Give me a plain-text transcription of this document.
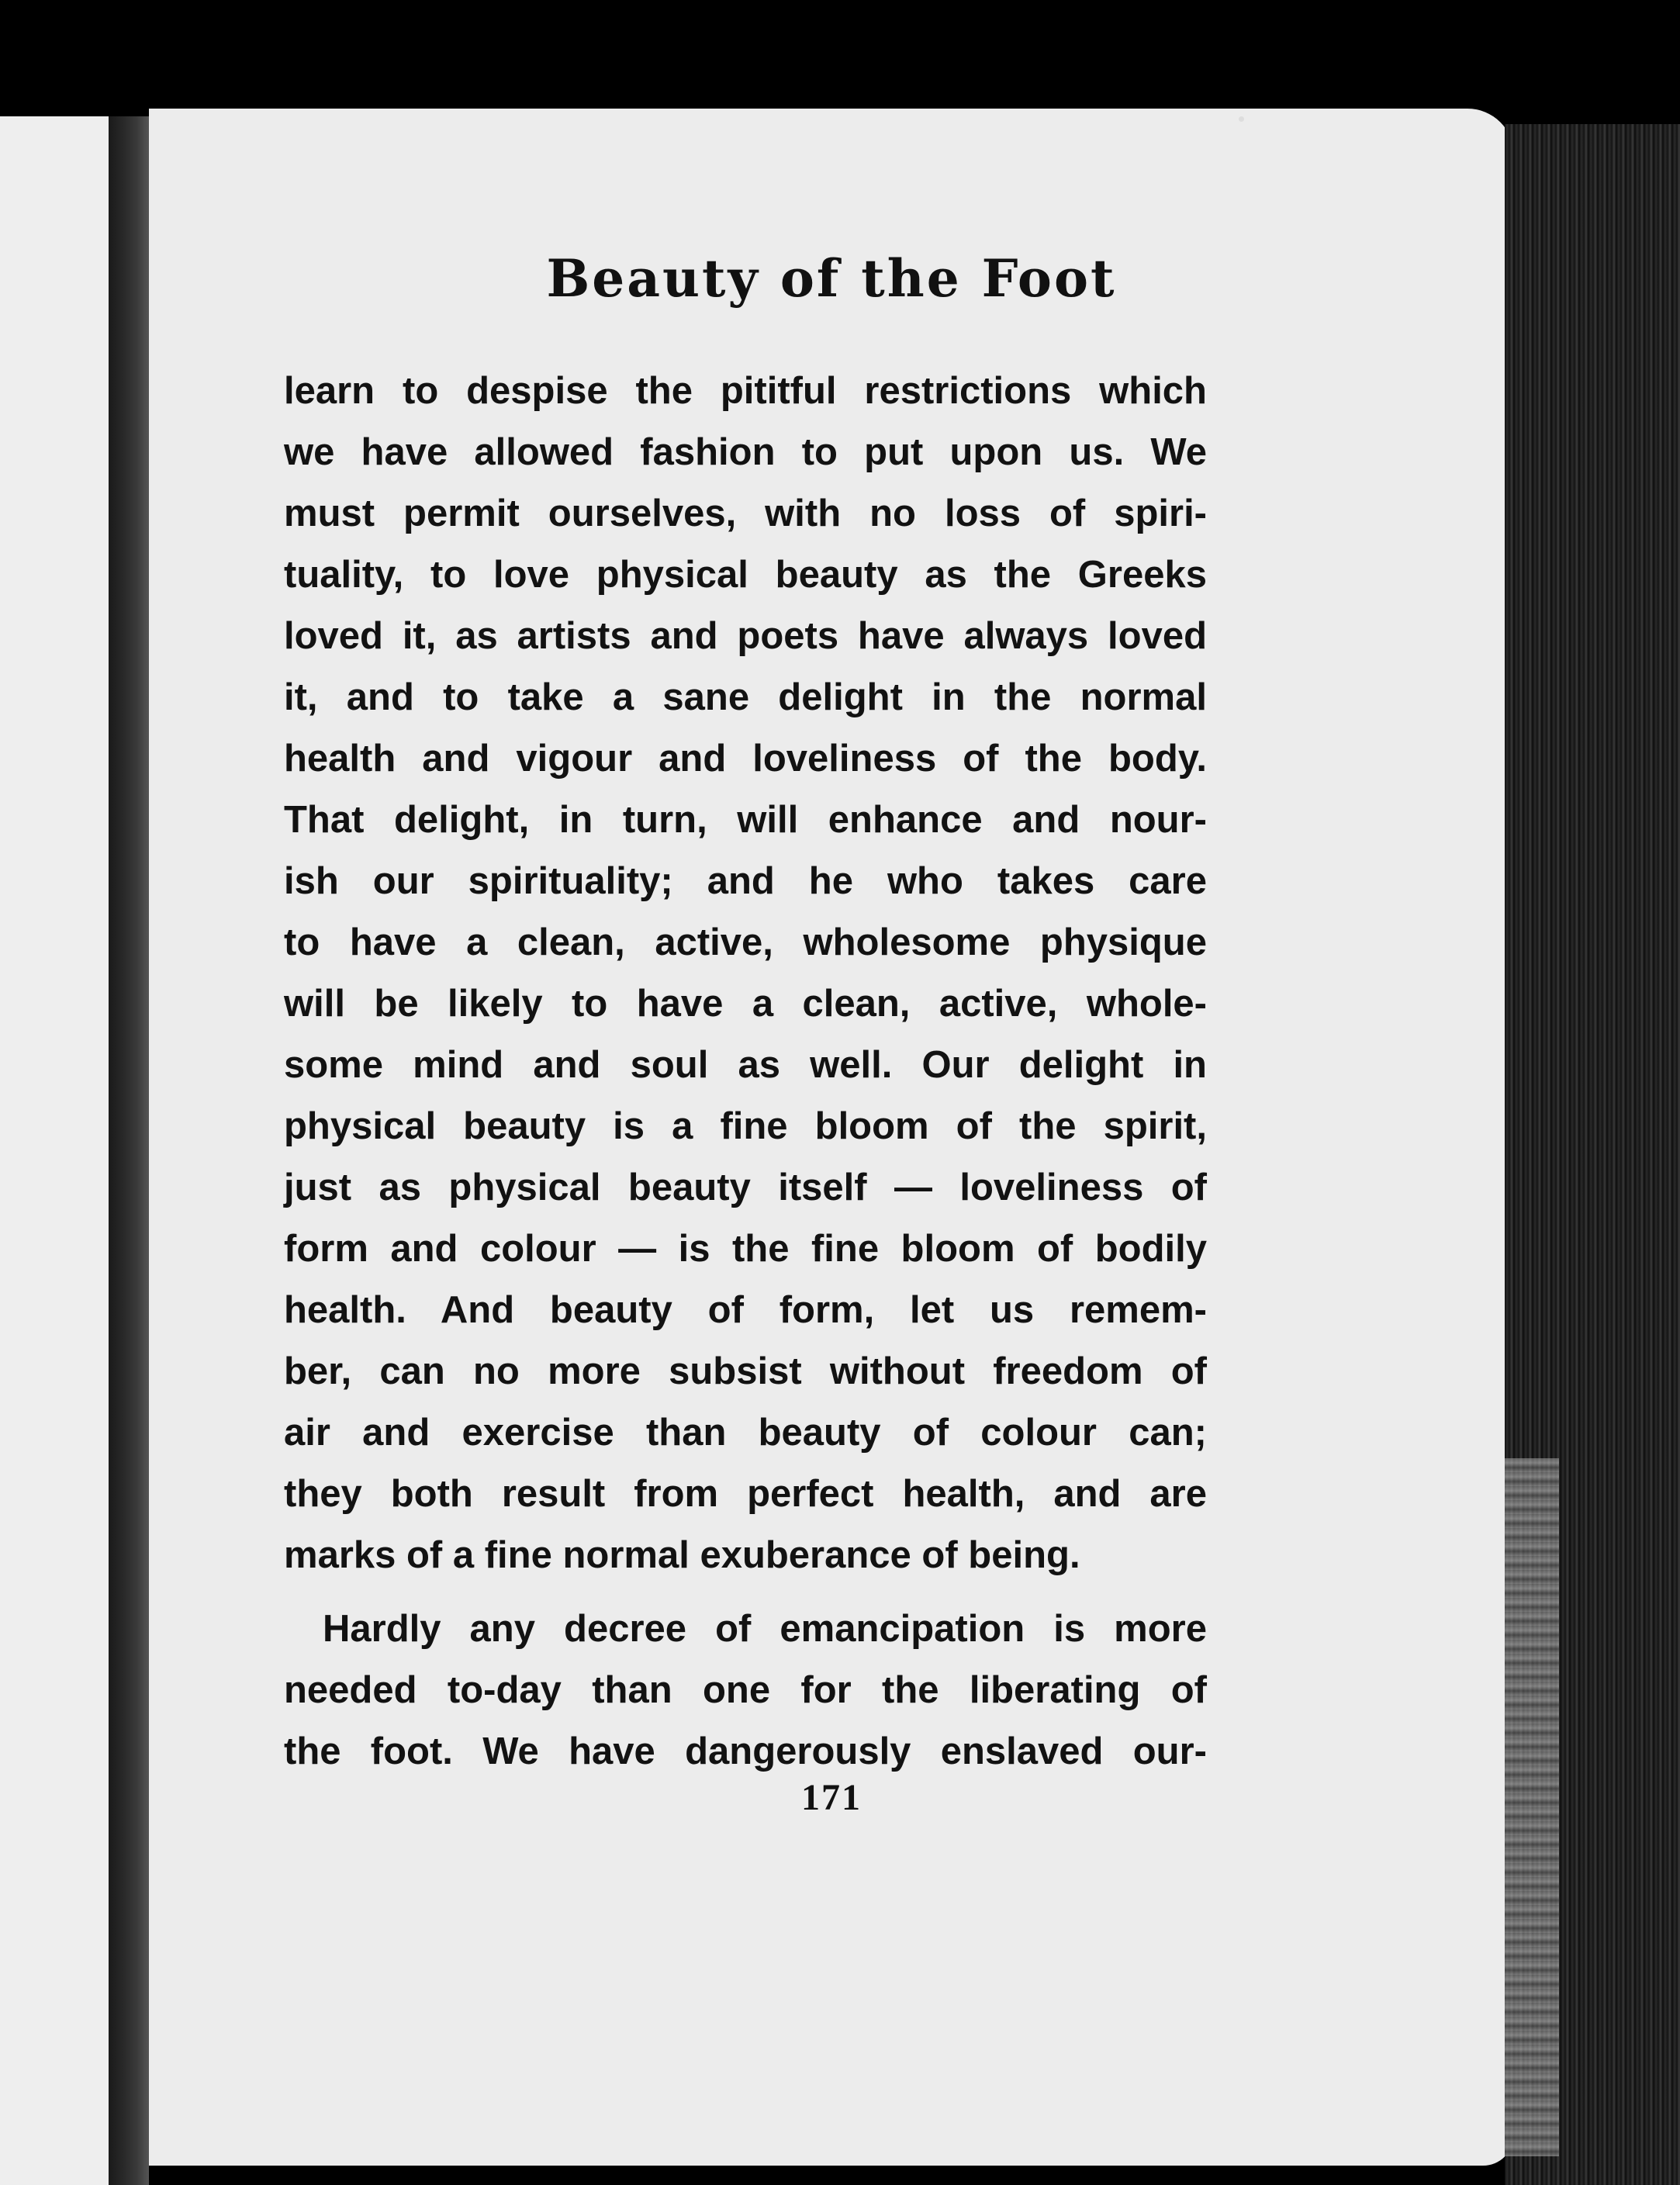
Beauty of the Foot
learn to despise the pititful restrictions which
we have allowed fashion to put upon us. We
must permit ourselves, with no loss of spiri-
tuality, to love physical beauty as the Greeks
loved it, as artists and poets have always loved
it, and to take a sane delight in the normal
health and vigour and loveliness of the body.
That delight, in turn, will enhance and nour-
ish our spirituality; and he who takes care
to have a clean, active, wholesome physique
will be likely to have a clean, active, whole-
some mind and soul as well. Our delight in
physical beauty is a fine bloom of the spirit,
just as physical beauty itself — loveliness of
form and colour — is the fine bloom of bodily
health. And beauty of form, let us remem-
ber, can no more subsist without freedom of
air and exercise than beauty of colour can;
they both result from perfect health, and are
marks of a fine normal exuberance of being.
Hardly any decree of emancipation is more
needed to-day than one for the liberating of
the foot. We have dangerously enslaved our-
171
